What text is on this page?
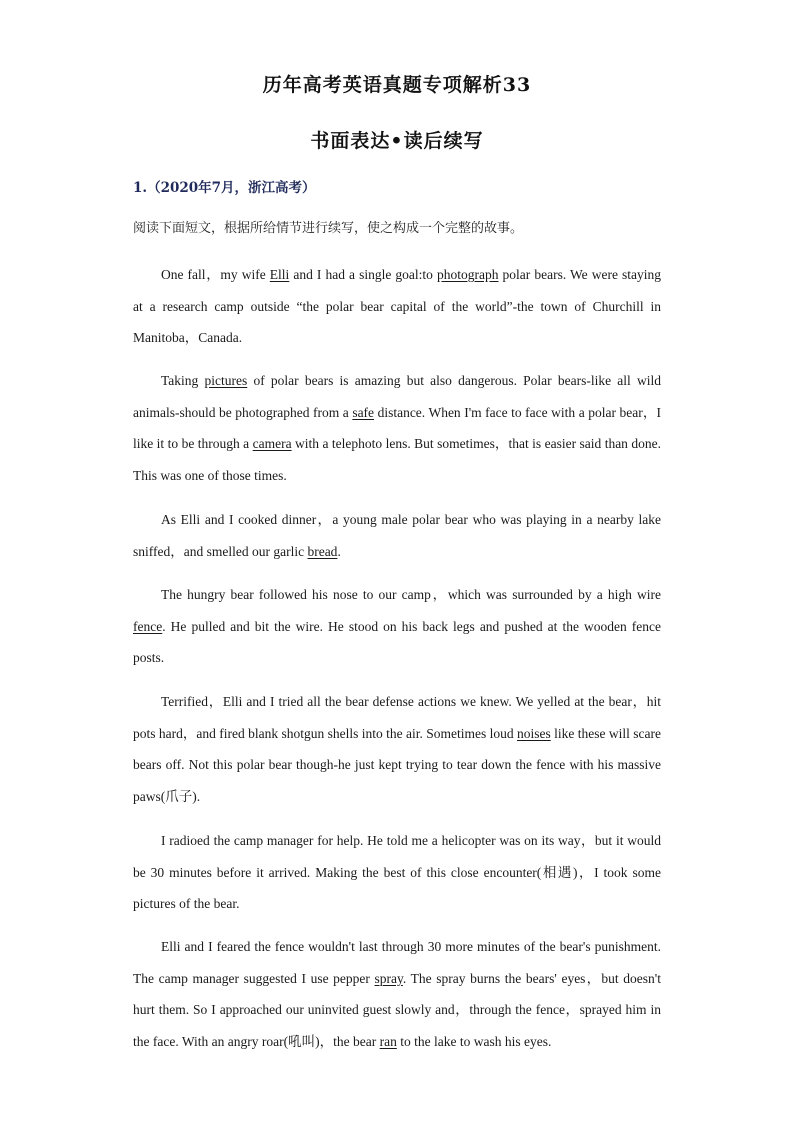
历年高考英语真题专项解析33
书面表达•读后续写
1.（2020年7月，浙江高考）
阅读下面短文，根据所给情节进行续写，使之构成一个完整的故事。

One fall，my wife Elli and I had a single goal:to photograph polar bears. We were staying at a research camp outside “the polar bear capital of the world”-the town of Churchill in Manitoba，Canada.

Taking pictures of polar bears is amazing but also dangerous. Polar bears-like all wild animals-should be photographed from a safe distance. When I'm face to face with a polar bear，I like it to be through a camera with a telephoto lens. But sometimes，that is easier said than done. This was one of those times.

As Elli and I cooked dinner，a young male polar bear who was playing in a nearby lake sniffed，and smelled our garlic bread.

The hungry bear followed his nose to our camp，which was surrounded by a high wire fence. He pulled and bit the wire. He stood on his back legs and pushed at the wooden fence posts.

Terrified，Elli and I tried all the bear defense actions we knew. We yelled at the bear，hit pots hard，and fired blank shotgun shells into the air. Sometimes loud noises like these will scare bears off. Not this polar bear though-he just kept trying to tear down the fence with his massive paws(爪子).

I radioed the camp manager for help. He told me a helicopter was on its way，but it would be 30 minutes before it arrived. Making the best of this close encounter(相遇)，I took some pictures of the bear.

Elli and I feared the fence wouldn't last through 30 more minutes of the bear's punishment. The camp manager suggested I use pepper spray. The spray burns the bears' eyes，but doesn't hurt them. So I approached our uninvited guest slowly and，through the fence，sprayed him in the face. With an angry roar(吼叫)，the bear ran to the lake to wash his eyes.
